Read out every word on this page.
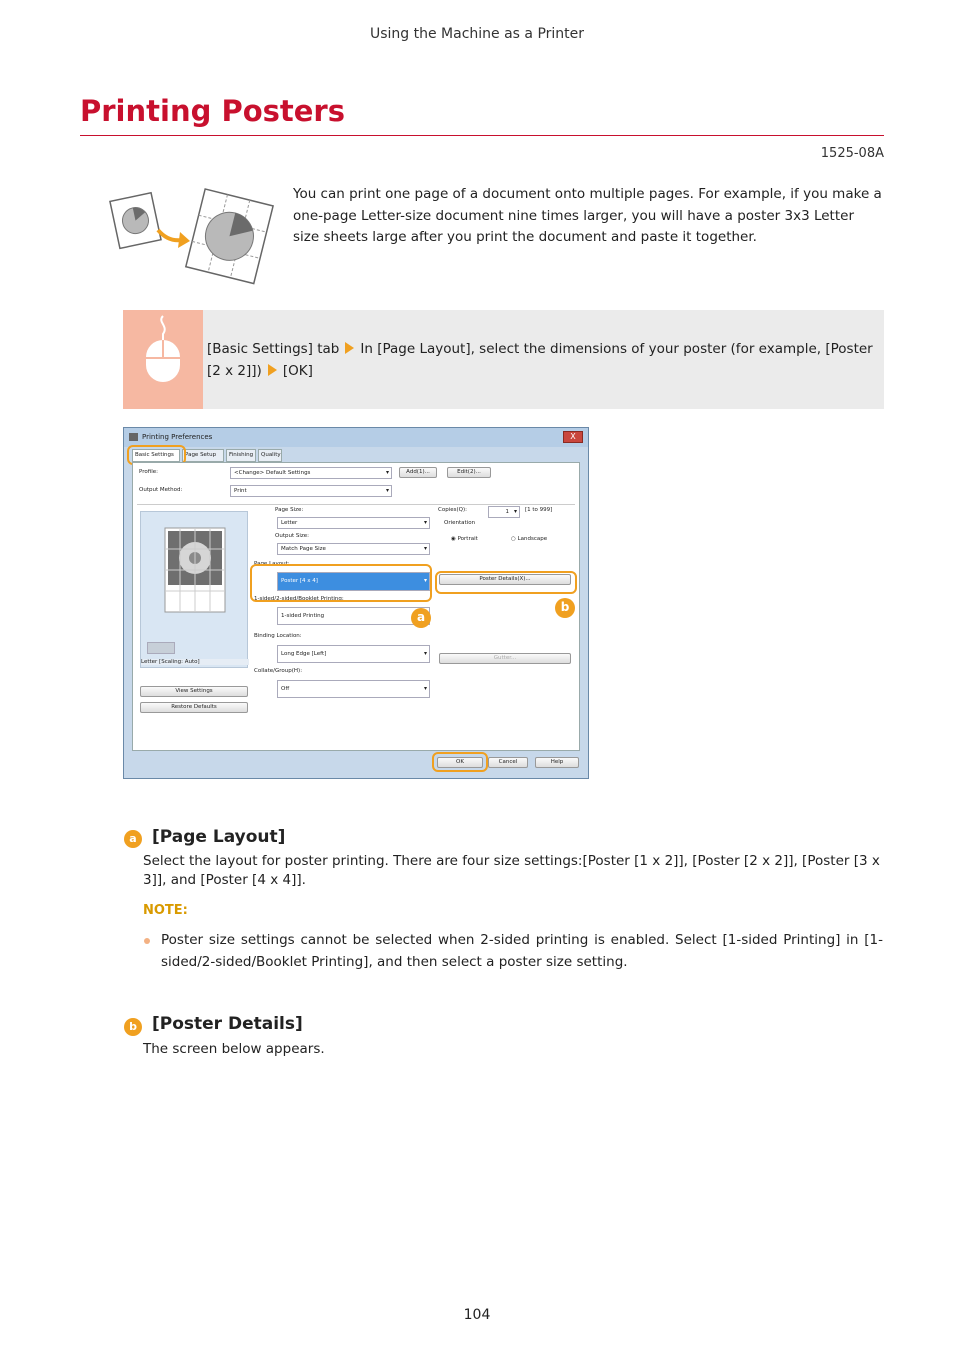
Using the Machine as a Printer
Printing Posters
1525-08A
You can print one page of a document onto multiple pages. For example, if you make a one-page Letter-size document nine times larger, you will have a poster 3x3 Letter size sheets large after you print the document and paste it together.
[Basic Settings] tab In [Page Layout], select the dimensions of your poster (for example, [Poster [2 x 2]]) [OK]
Printing Preferences	X
Basic Settings	Page Setup	Finishing	Quality
Profile:	<Change> Default Settings ▾	Add(1)...	Edit(2)...
Output Method:	Print ▾
Letter [Scaling: Auto]
View Settings
Restore Defaults
Page Size:
Letter ▾
Output Size:
Match Page Size ▾
Page Layout:
Poster [4 x 4] ▾
1-sided/2-sided/Booklet Printing:
1-sided Printing ▾
Binding Location:
Long Edge [Left] ▾
Collate/Group(H):
Off ▾
Copies(Q):	1 ▾	[1 to 999]
Orientation
◉ Portrait	○ Landscape
Poster Details(X)...
Gutter...
a
b
OK	Cancel	Help
a [Page Layout]
Select the layout for poster printing. There are four size settings:[Poster [1 x 2]], [Poster [2 x 2]], [Poster [3 x 3]], and [Poster [4 x 4]].
NOTE:
Poster size settings cannot be selected when 2-sided printing is enabled. Select [1-sided Printing] in [1-sided/2-sided/Booklet Printing], and then select a poster size setting.
b [Poster Details]
The screen below appears.
104
